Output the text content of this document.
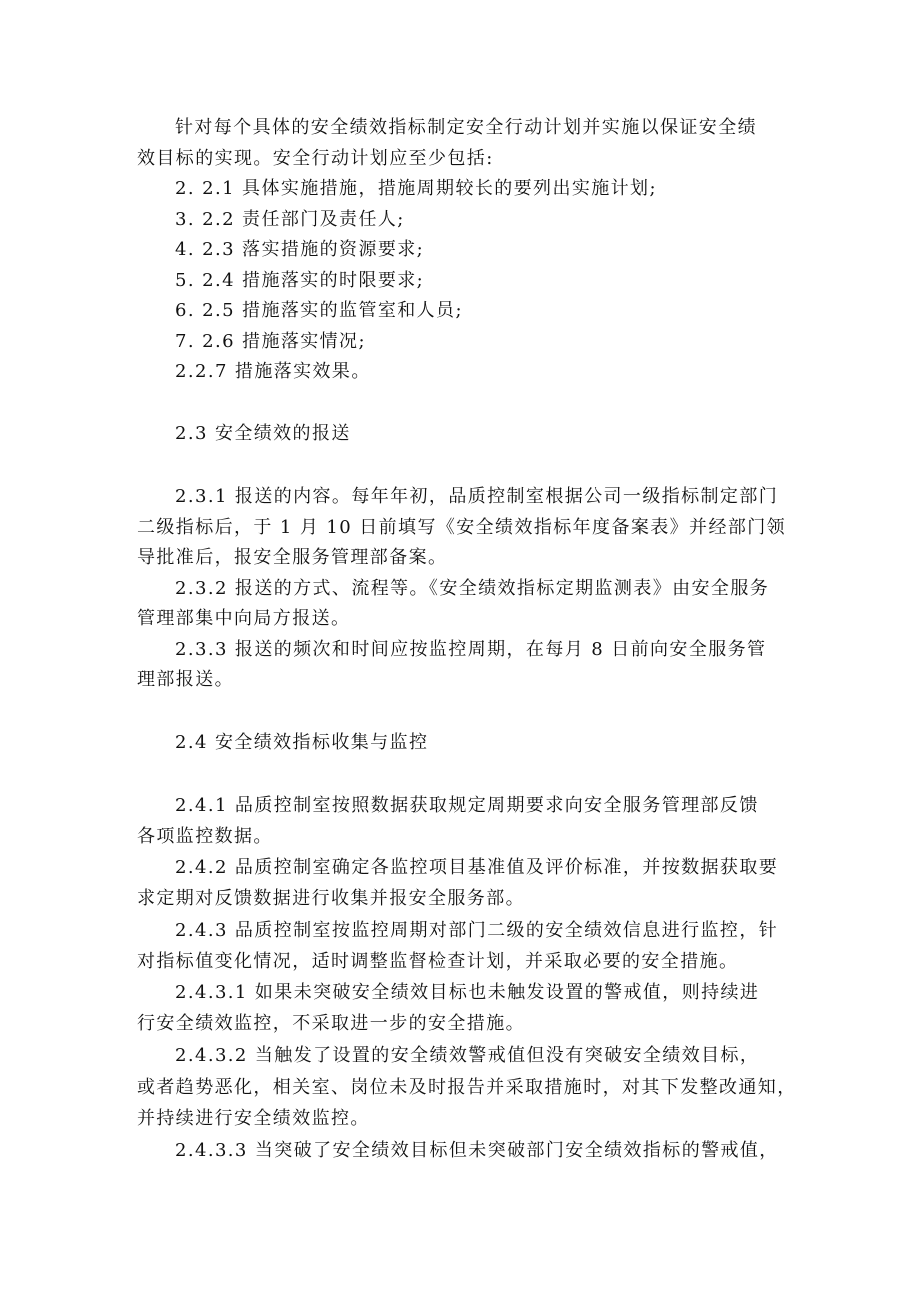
针对每个具体的安全绩效指标制定安全行动计划并实施以保证安全绩
效目标的实现。安全行动计划应至少包括:
2. 2.1 具体实施措施，措施周期较长的要列出实施计划;
3. 2.2 责任部门及责任人;
4. 2.3 落实措施的资源要求;
5. 2.4 措施落实的时限要求;
6. 2.5 措施落实的监管室和人员;
7. 2.6 措施落实情况;
2.2.7 措施落实效果。
2.3 安全绩效的报送
2.3.1 报送的内容。每年年初，品质控制室根据公司一级指标制定部门
二级指标后，于 1 月 10 日前填写《安全绩效指标年度备案表》并经部门领
导批准后，报安全服务管理部备案。
2.3.2 报送的方式、流程等。《安全绩效指标定期监测表》由安全服务
管理部集中向局方报送。
2.3.3 报送的频次和时间应按监控周期，在每月 8 日前向安全服务管
理部报送。
2.4 安全绩效指标收集与监控
2.4.1 品质控制室按照数据获取规定周期要求向安全服务管理部反馈
各项监控数据。
2.4.2 品质控制室确定各监控项目基准值及评价标准，并按数据获取要
求定期对反馈数据进行收集并报安全服务部。
2.4.3 品质控制室按监控周期对部门二级的安全绩效信息进行监控，针
对指标值变化情况，适时调整监督检查计划，并采取必要的安全措施。
2.4.3.1 如果未突破安全绩效目标也未触发设置的警戒值，则持续进
行安全绩效监控，不采取进一步的安全措施。
2.4.3.2 当触发了设置的安全绩效警戒值但没有突破安全绩效目标，
或者趋势恶化，相关室、岗位未及时报告并采取措施时，对其下发整改通知，
并持续进行安全绩效监控。
2.4.3.3 当突破了安全绩效目标但未突破部门安全绩效指标的警戒值，
